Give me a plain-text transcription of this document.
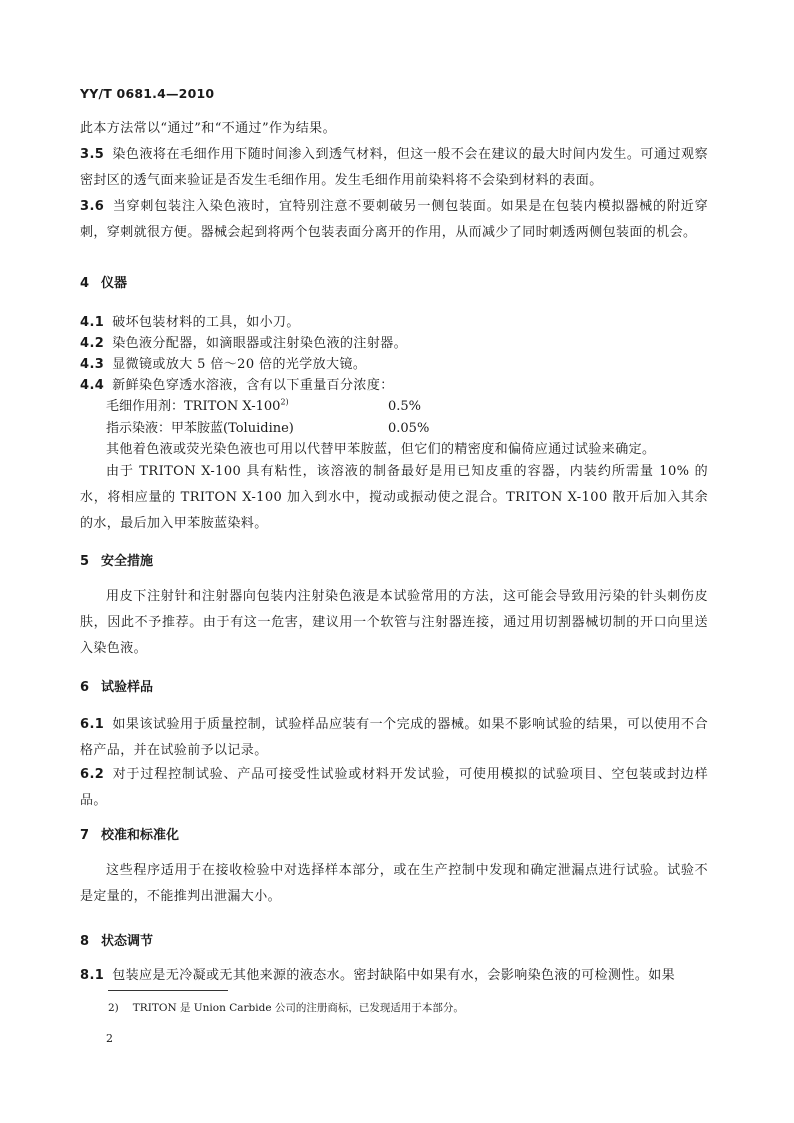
YY/T 0681.4—2010

此本方法常以“通过”和“不通过”作为结果。

3.5 染色液将在毛细作用下随时间渗入到透气材料，但这一般不会在建议的最大时间内发生。可通过观察密封区的透气面来验证是否发生毛细作用。发生毛细作用前染料将不会染到材料的表面。

3.6 当穿刺包装注入染色液时，宜特别注意不要刺破另一侧包装面。如果是在包装内模拟器械的附近穿刺，穿刺就很方便。器械会起到将两个包装表面分离开的作用，从而减少了同时刺透两侧包装面的机会。

4 仪器

4.1 破坏包装材料的工具，如小刀。

4.2 染色液分配器，如滴眼器或注射染色液的注射器。

4.3 显微镜或放大 5 倍～20 倍的光学放大镜。

4.4 新鲜染色穿透水溶液，含有以下重量百分浓度：

毛细作用剂：TRITON X-100$^{2)}$	0.5%
指示染液：甲苯胺蓝(Toluidine)	0.05%

其他着色液或荧光染色液也可用以代替甲苯胺蓝，但它们的精密度和偏倚应通过试验来确定。

由于 TRITON X-100 具有粘性，该溶液的制备最好是用已知皮重的容器，内装约所需量 10% 的水，将相应量的 TRITON X-100 加入到水中，搅动或振动使之混合。TRITON X-100 散开后加入其余的水，最后加入甲苯胺蓝染料。

5 安全措施

用皮下注射针和注射器向包装内注射染色液是本试验常用的方法，这可能会导致用污染的针头刺伤皮肤，因此不予推荐。由于有这一危害，建议用一个软管与注射器连接，通过用切割器械切制的开口向里送入染色液。

6 试验样品

6.1 如果该试验用于质量控制，试验样品应装有一个完成的器械。如果不影响试验的结果，可以使用不合格产品，并在试验前予以记录。

6.2 对于过程控制试验、产品可接受性试验或材料开发试验，可使用模拟的试验项目、空包装或封边样品。

7 校准和标准化

这些程序适用于在接收检验中对选择样本部分，或在生产控制中发现和确定泄漏点进行试验。试验不是定量的，不能推判出泄漏大小。

8 状态调节

8.1 包装应是无冷凝或无其他来源的液态水。密封缺陷中如果有水，会影响染色液的可检测性。如果

2) TRITON 是 Union Carbide 公司的注册商标，已发现适用于本部分。
2
